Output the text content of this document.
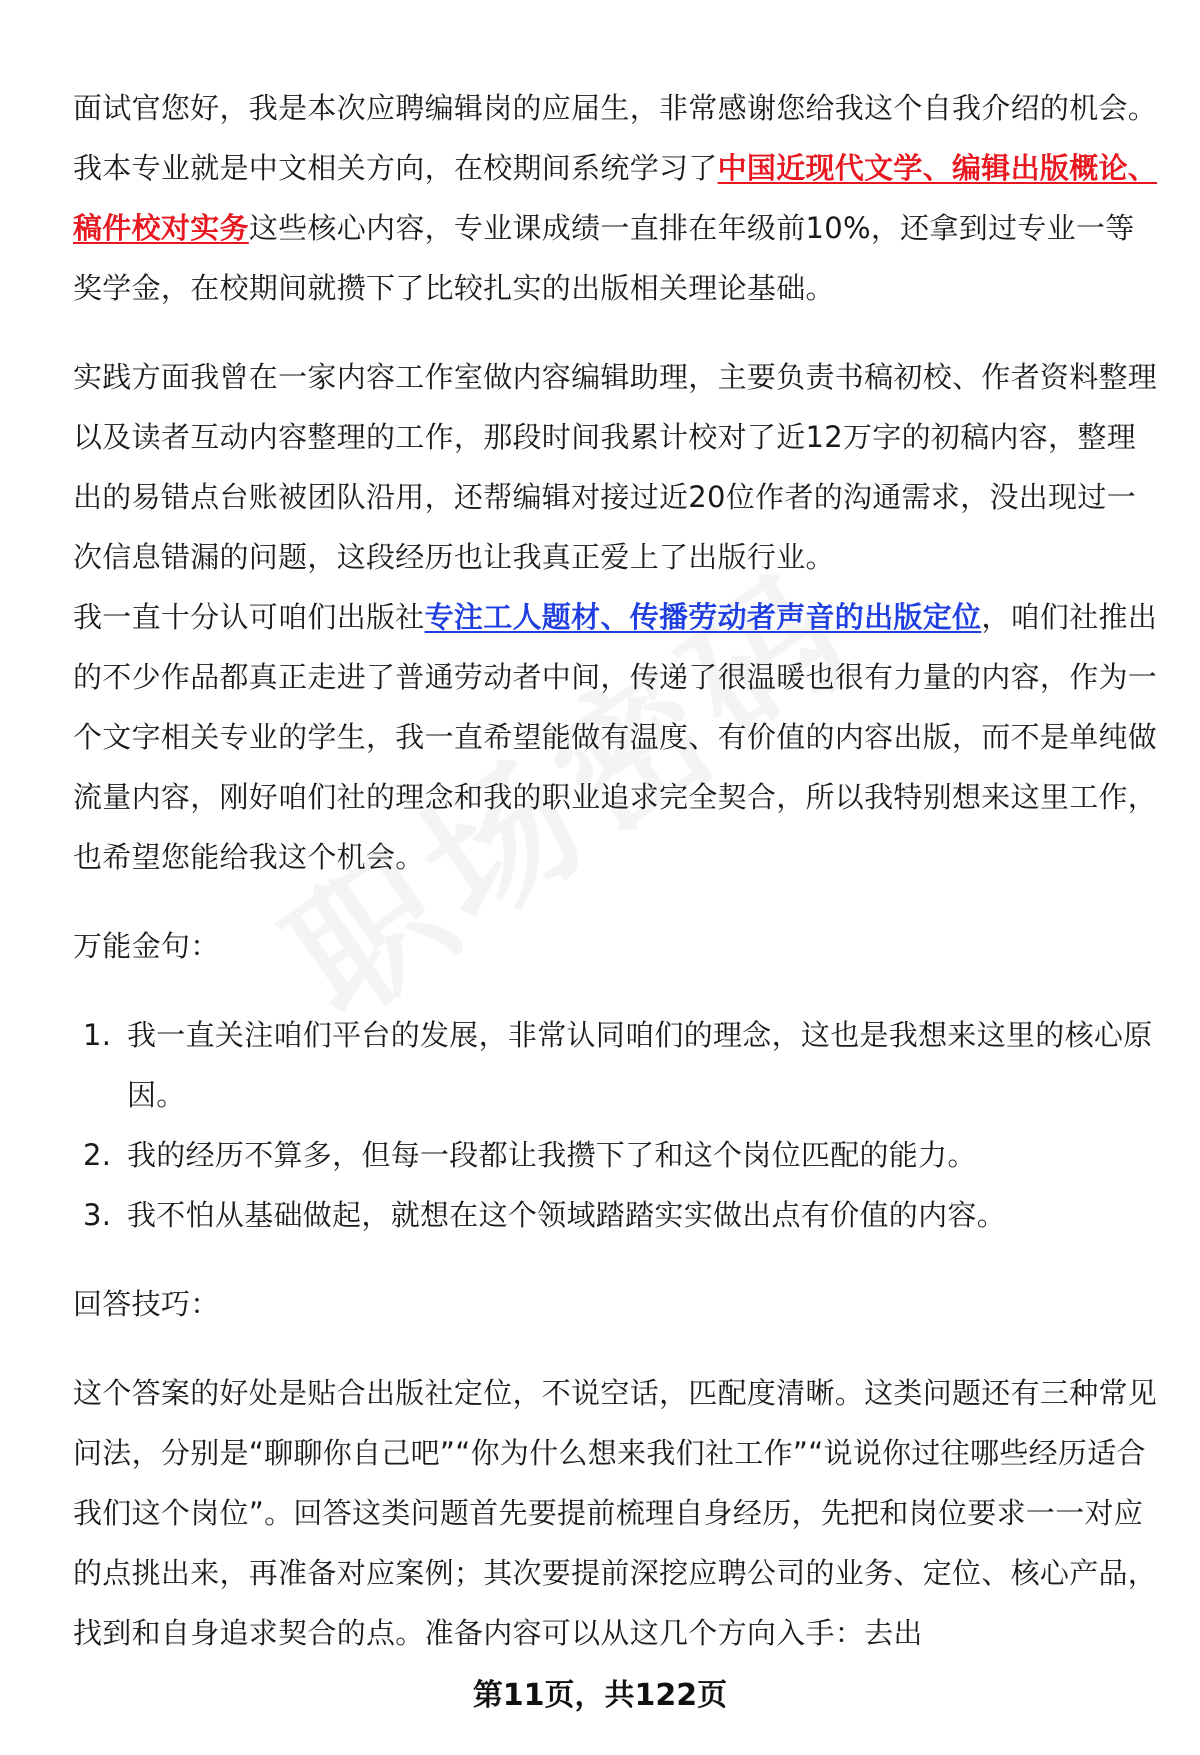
面试官您好，我是本次应聘编辑岗的应届生，非常感谢您给我这个自我介绍的机会。我本专业就是中文相关方向，在校期间系统学习了中国近现代文学、编辑出版概论、稿件校对实务这些核心内容，专业课成绩一直排在年级前10%，还拿到过专业一等奖学金，在校期间就攒下了比较扎实的出版相关理论基础。

实践方面我曾在一家内容工作室做内容编辑助理，主要负责书稿初校、作者资料整理以及读者互动内容整理的工作，那段时间我累计校对了近12万字的初稿内容，整理出的易错点台账被团队沿用，还帮编辑对接过近20位作者的沟通需求，没出现过一次信息错漏的问题，这段经历也让我真正爱上了出版行业。

我一直十分认可咱们出版社专注工人题材、传播劳动者声音的出版定位，咱们社推出的不少作品都真正走进了普通劳动者中间，传递了很温暖也很有力量的内容，作为一个文字相关专业的学生，我一直希望能做有温度、有价值的内容出版，而不是单纯做流量内容，刚好咱们社的理念和我的职业追求完全契合，所以我特别想来这里工作，也希望您能给我这个机会。

万能金句：

1. 我一直关注咱们平台的发展，非常认同咱们的理念，这也是我想来这里的核心原因。
2. 我的经历不算多，但每一段都让我攒下了和这个岗位匹配的能力。
3. 我不怕从基础做起，就想在这个领域踏踏实实做出点有价值的内容。

回答技巧：

这个答案的好处是贴合出版社定位，不说空话，匹配度清晰。这类问题还有三种常见问法，分别是“聊聊你自己吧”“你为什么想来我们社工作”“说说你过往哪些经历适合我们这个岗位”。回答这类问题首先要提前梳理自身经历，先把和岗位要求一一对应的点挑出来，再准备对应案例；其次要提前深挖应聘公司的业务、定位、核心产品，找到和自身追求契合的点。准备内容可以从这几个方向入手：去出

第11页，共122页
